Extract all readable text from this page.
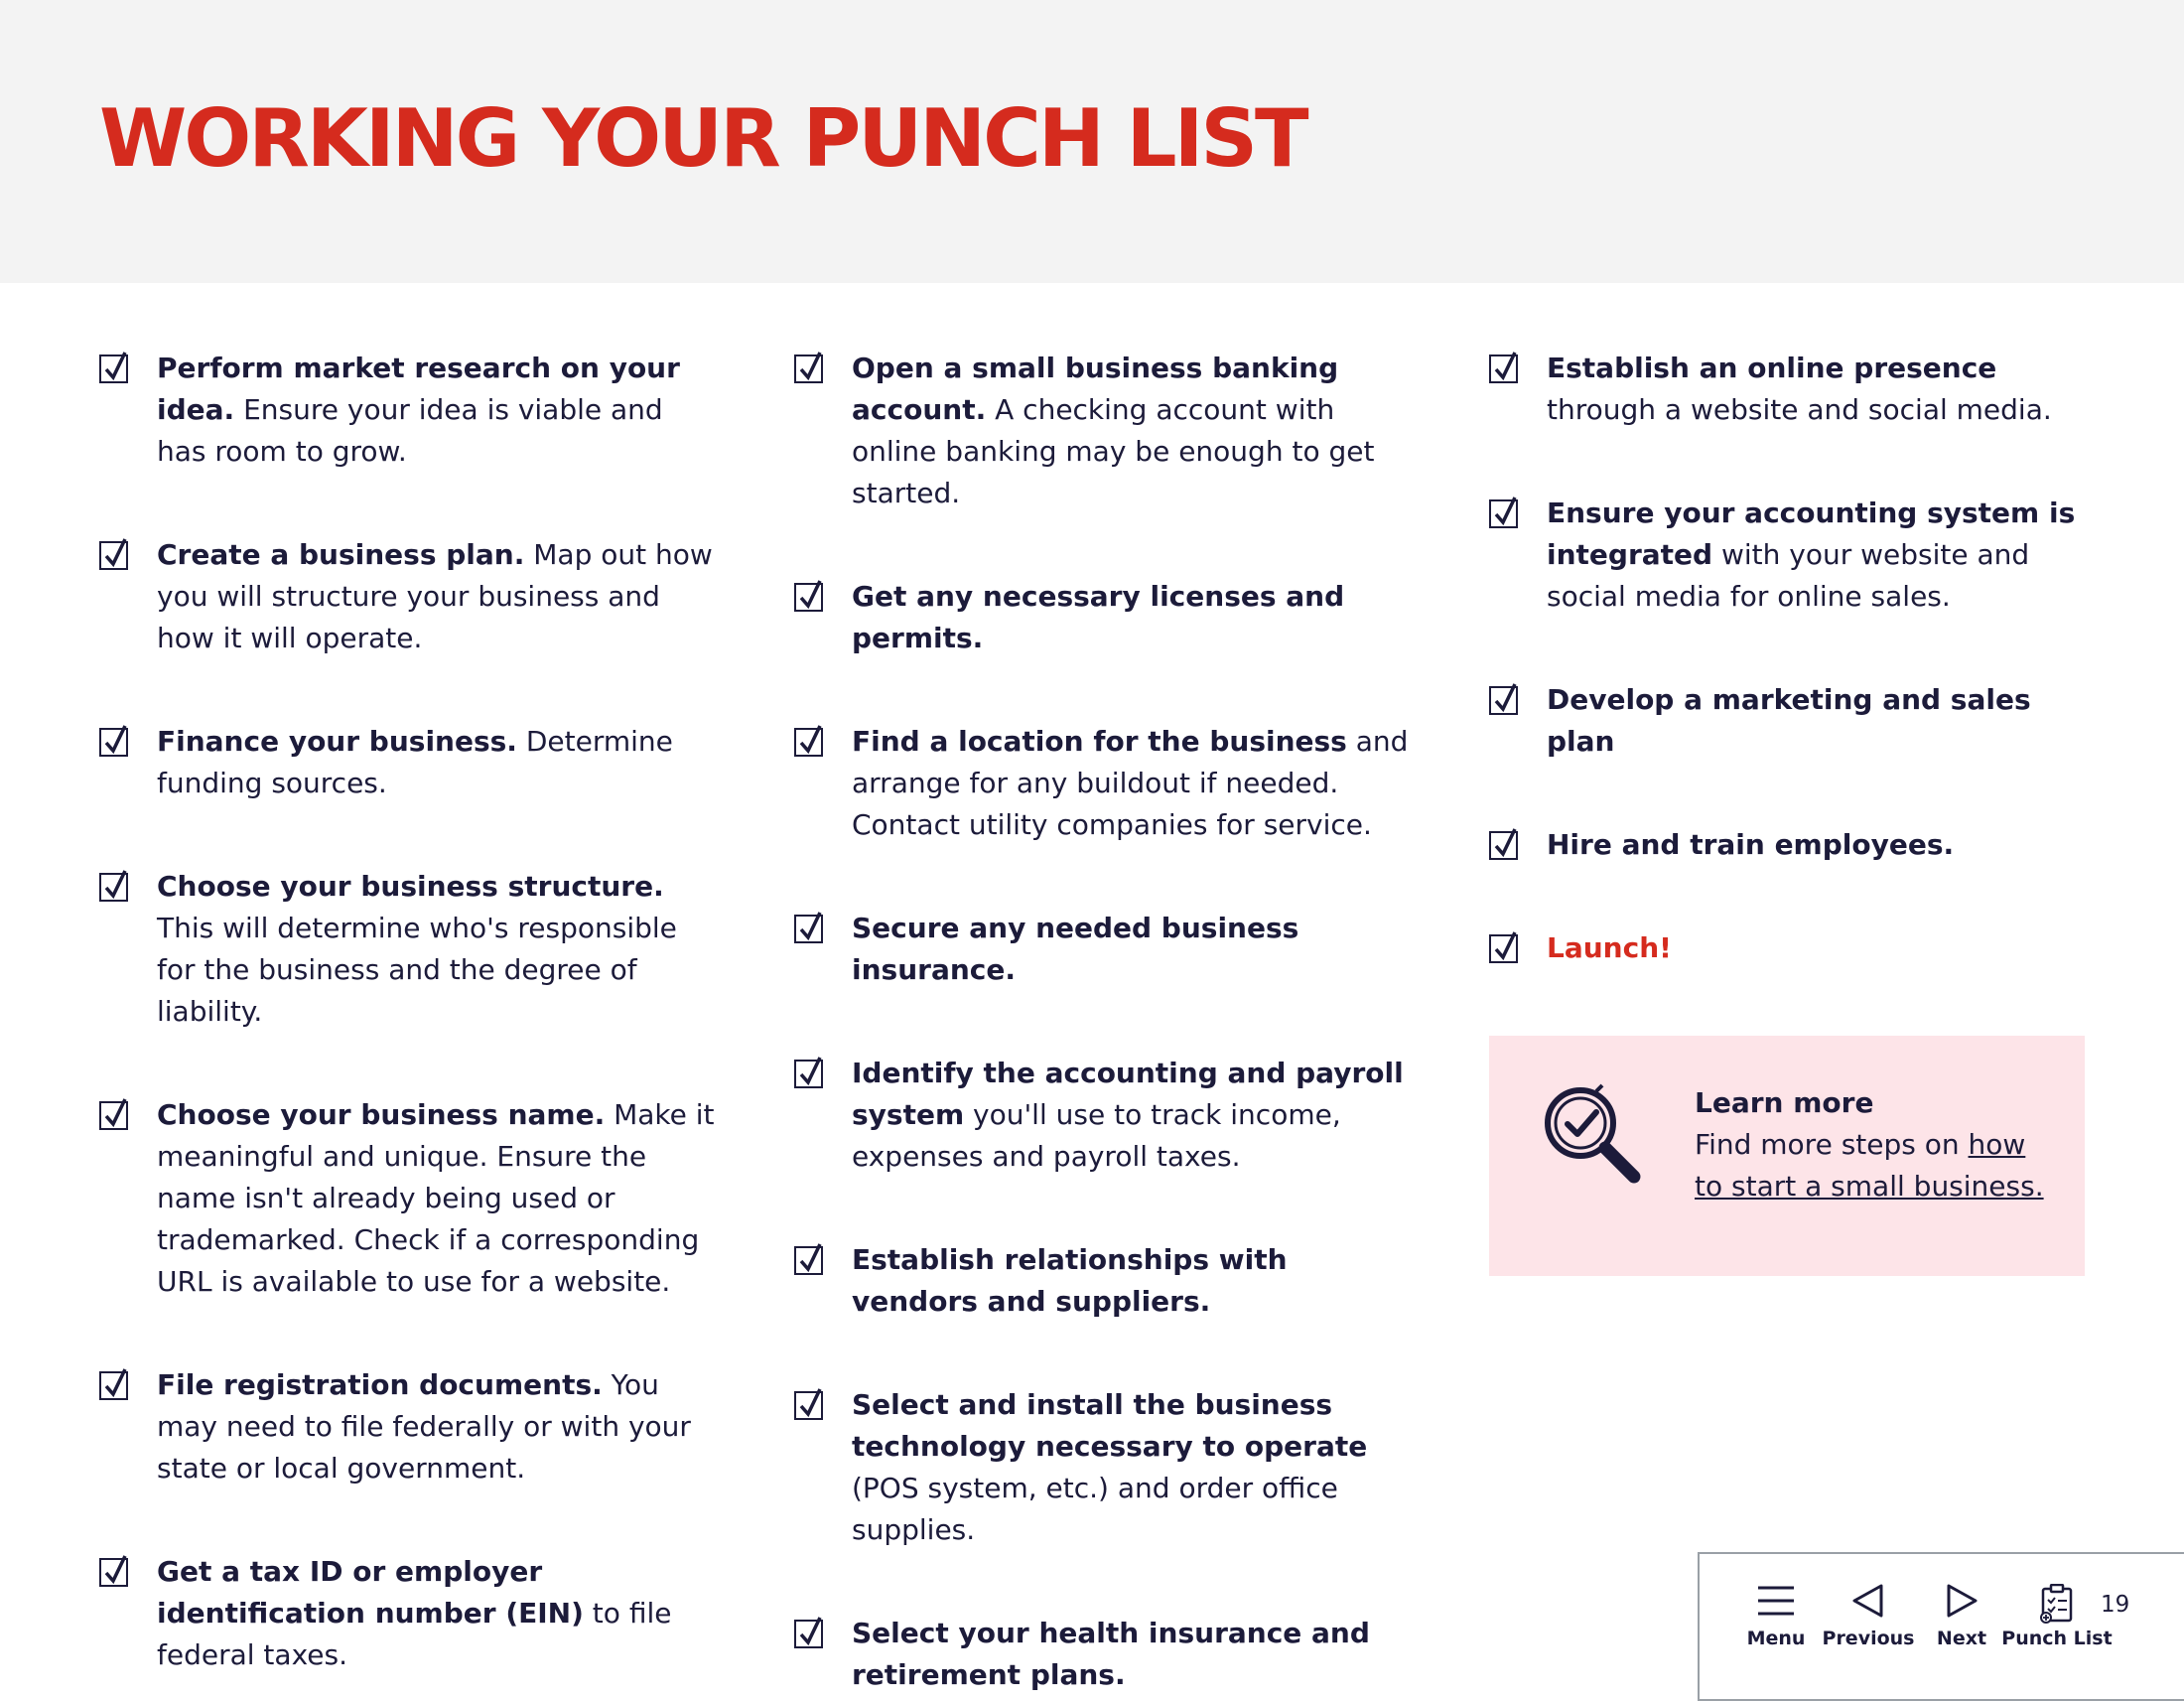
WORKING YOUR PUNCH LIST
Perform market research on your idea. Ensure your idea is viable and has room to grow.
Create a business plan. Map out how you will structure your business and how it will operate.
Finance your business. Determine funding sources.
Choose your business structure. This will determine who's responsible for the business and the degree of liability.
Choose your business name. Make it meaningful and unique. Ensure the name isn't already being used or trademarked. Check if a corresponding URL is available to use for a website.
File registration documents. You may need to file federally or with your state or local government.
Get a tax ID or employer identification number (EIN) to file federal taxes.
Open a small business banking account. A checking account with online banking may be enough to get started.
Get any necessary licenses and permits.
Find a location for the business and arrange for any buildout if needed. Contact utility companies for service.
Secure any needed business insurance.
Identify the accounting and payroll system you'll use to track income, expenses and payroll taxes.
Establish relationships with vendors and suppliers.
Select and install the business technology necessary to operate (POS system, etc.) and order office supplies.
Select your health insurance and retirement plans.
Establish an online presence through a website and social media.
Ensure your accounting system is integrated with your website and social media for online sales.
Develop a marketing and sales plan
Hire and train employees.
Launch!
Learn more
Find more steps on how
to start a small business.
Menu Previous	Next Punch List
19
